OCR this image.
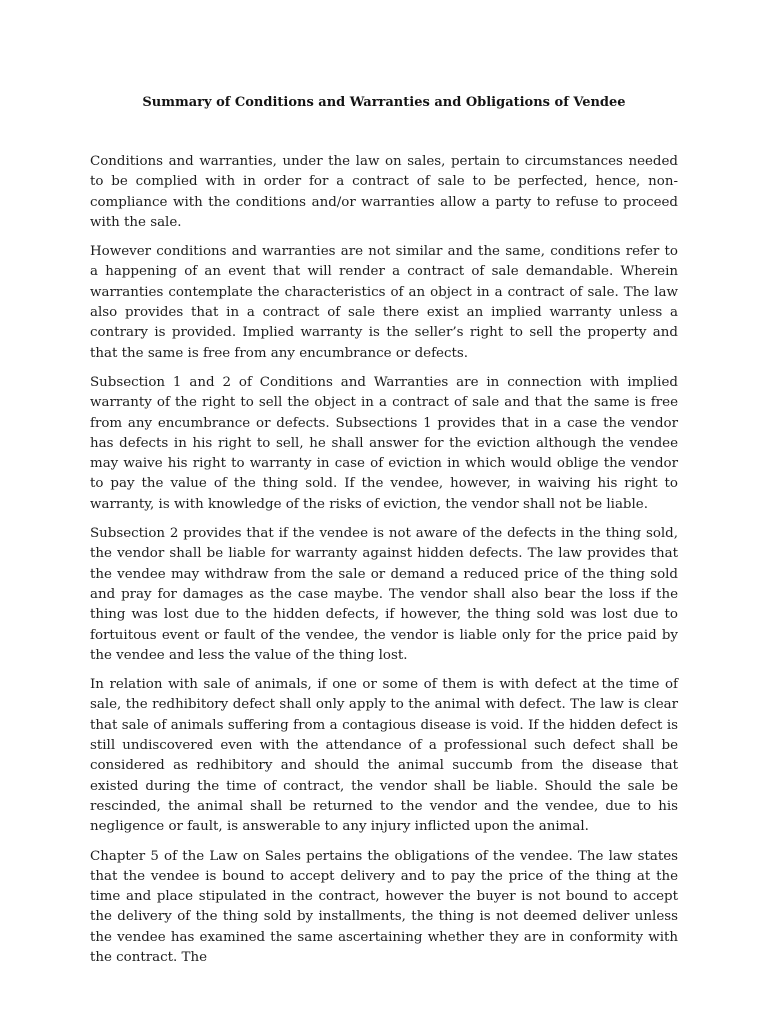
Summary of Conditions and Warranties and Obligations of Vendee

Conditions and warranties, under the law on sales, pertain to circumstances needed to be complied with in order for a contract of sale to be perfected, hence, non-compliance with the conditions and/or warranties allow a party to refuse to proceed with the sale.

However conditions and warranties are not similar and the same, conditions refer to a happening of an event that will render a contract of sale demandable. Wherein warranties contemplate the characteristics of an object in a contract of sale. The law also provides that in a contract of sale there exist an implied warranty unless a contrary is provided. Implied warranty is the seller’s right to sell the property and that the same is free from any encumbrance or defects.

Subsection 1 and 2 of Conditions and Warranties are in connection with implied warranty of the right to sell the object in a contract of sale and that the same is free from any encumbrance or defects. Subsections 1 provides that in a case the vendor has defects in his right to sell, he shall answer for the eviction although the vendee may waive his right to warranty in case of eviction in which would oblige the vendor to pay the value of the thing sold. If the vendee, however, in waiving his right to warranty, is with knowledge of the risks of eviction, the vendor shall not be liable.

Subsection 2 provides that if the vendee is not aware of the defects in the thing sold, the vendor shall be liable for warranty against hidden defects. The law provides that the vendee may withdraw from the sale or demand a reduced price of the thing sold and pray for damages as the case maybe. The vendor shall also bear the loss if the thing was lost due to the hidden defects, if however, the thing sold was lost due to fortuitous event or fault of the vendee, the vendor is liable only for the price paid by the vendee and less the value of the thing lost.

In relation with sale of animals, if one or some of them is with defect at the time of sale, the redhibitory defect shall only apply to the animal with defect. The law is clear that sale of animals suffering from a contagious disease is void. If the hidden defect is still undiscovered even with the attendance of a professional such defect shall be considered as redhibitory and should the animal succumb from the disease that existed during the time of contract, the vendor shall be liable. Should the sale be rescinded, the animal shall be returned to the vendor and the vendee, due to his negligence or fault, is answerable to any injury inflicted upon the animal.

Chapter 5 of the Law on Sales pertains the obligations of the vendee. The law states that the vendee is bound to accept delivery and to pay the price of the thing at the time and place stipulated in the contract, however the buyer is not bound to accept the delivery of the thing sold by installments, the thing is not deemed deliver unless the vendee has examined the same ascertaining whether they are in conformity with the contract. The
